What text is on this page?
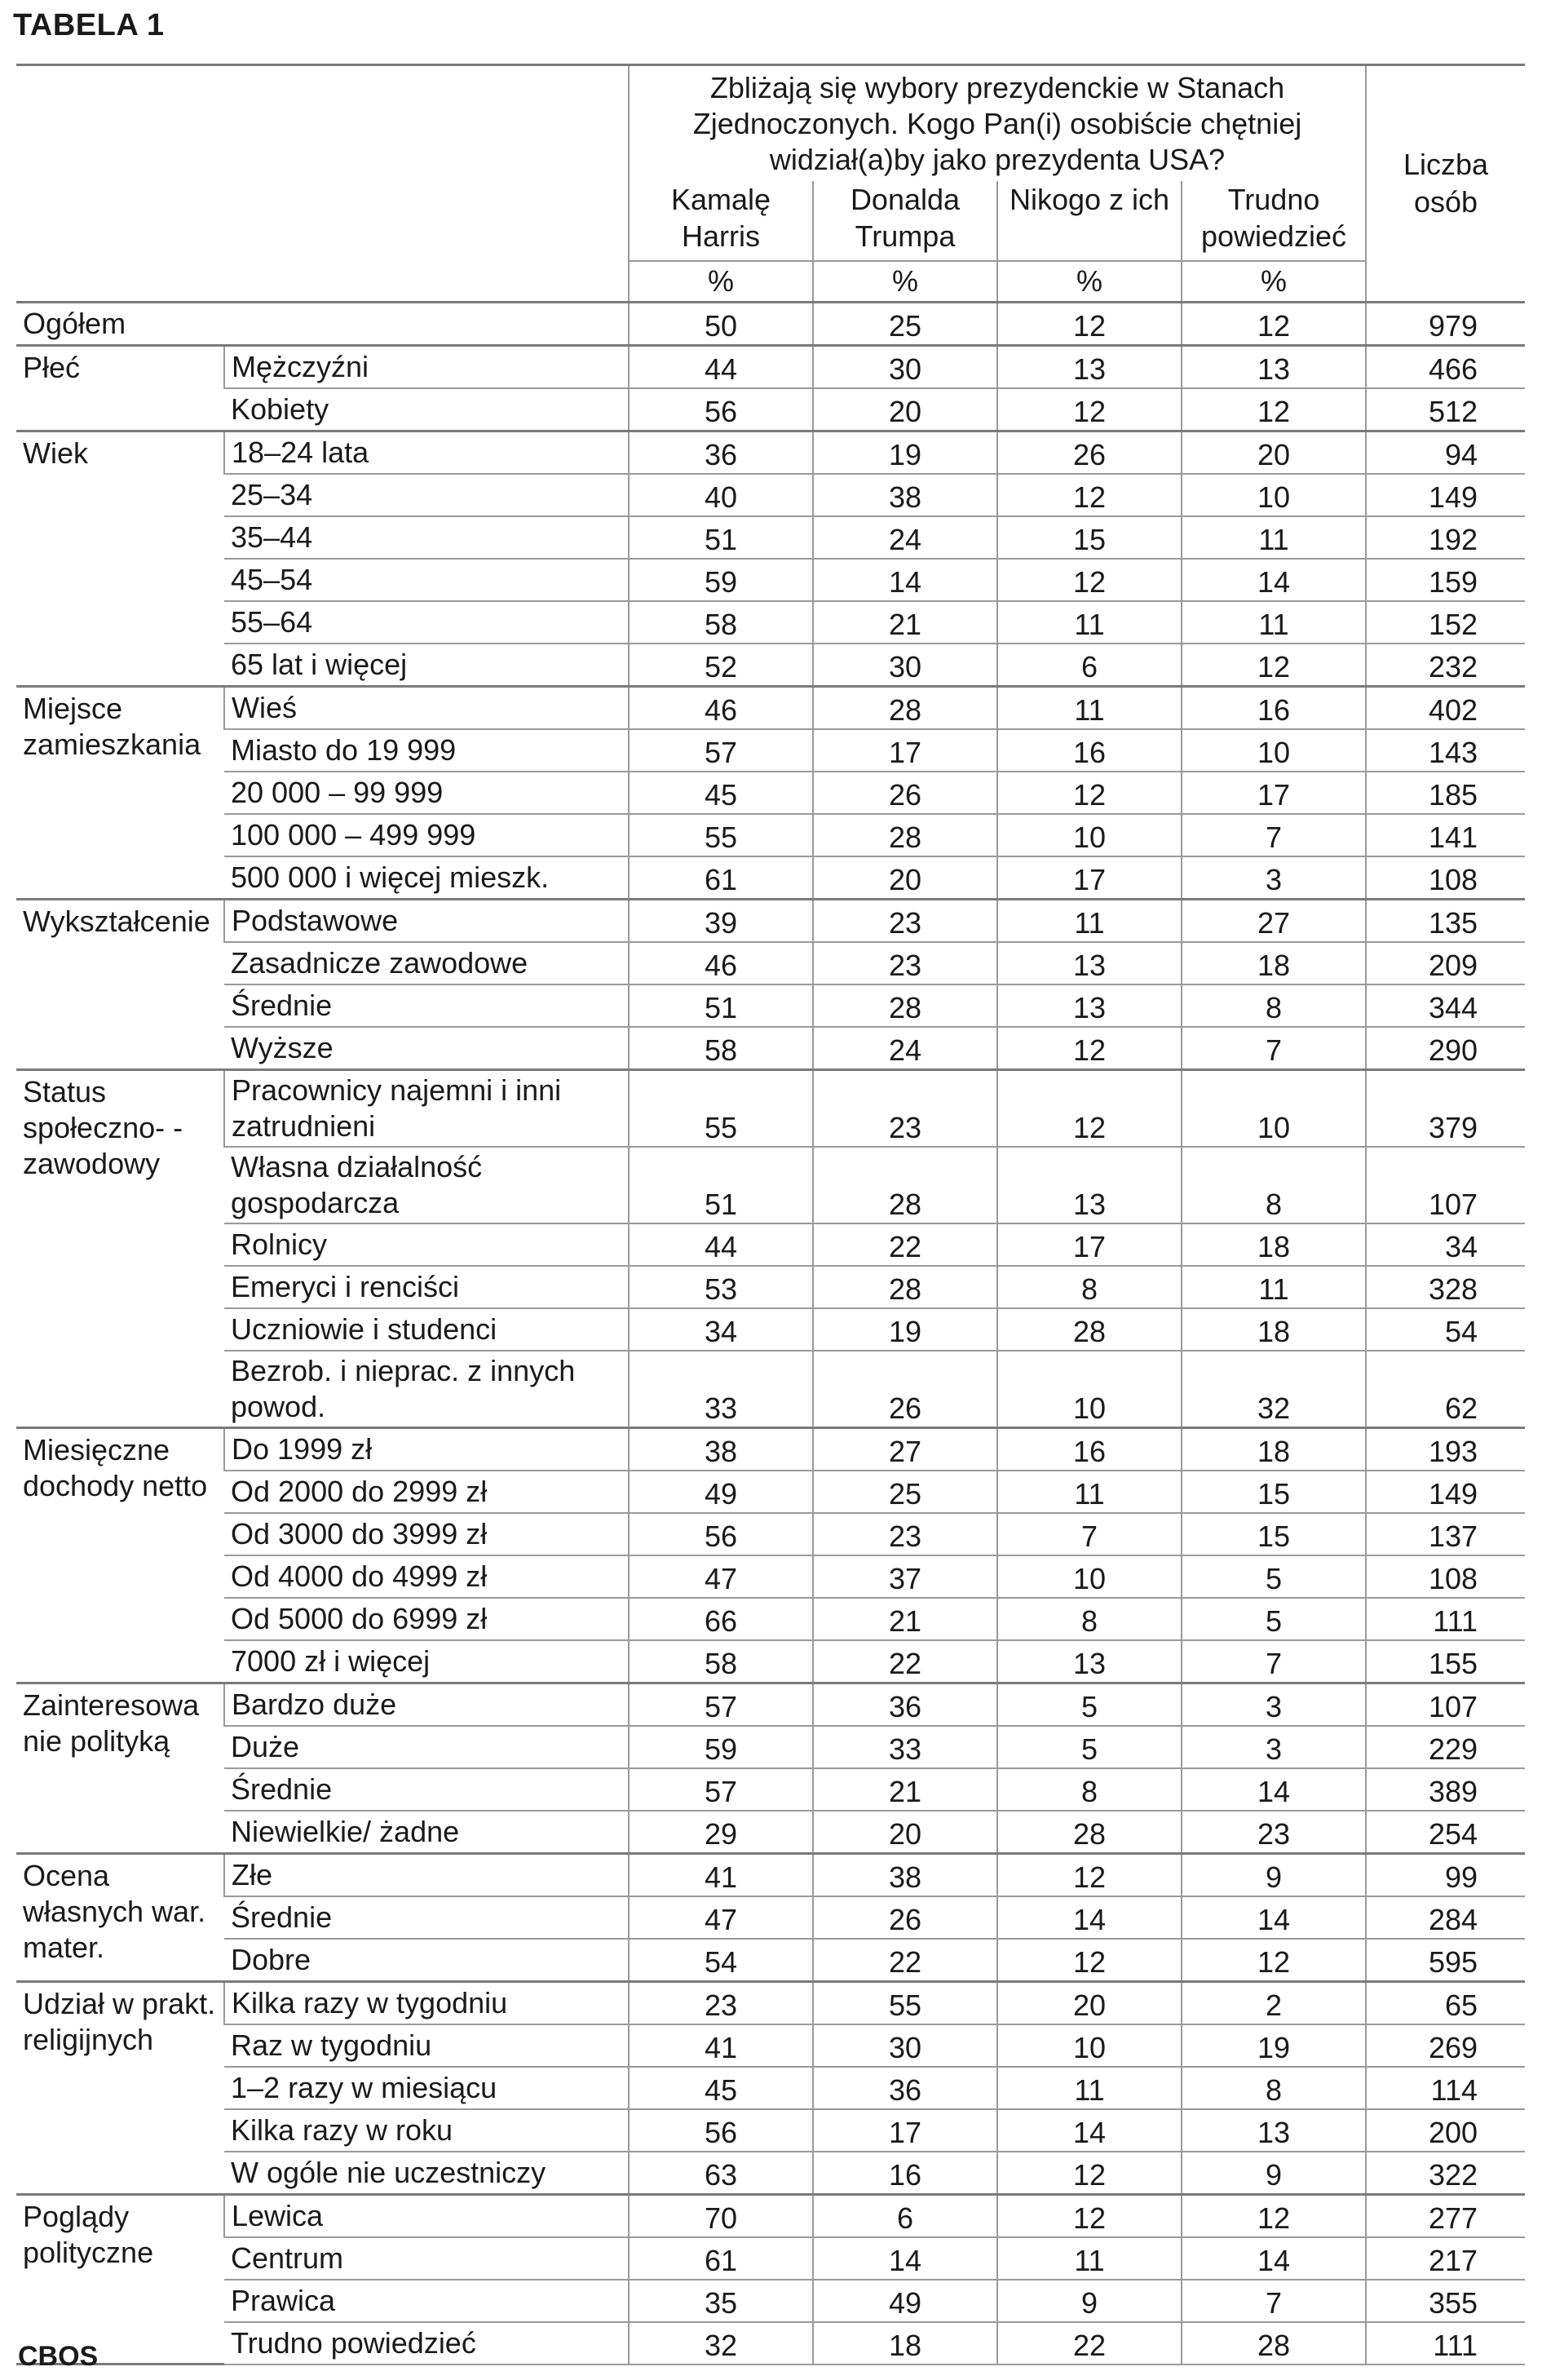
TABELA 1
		Zbliżają się wybory prezydenckie w Stanach Zjednoczonych. Kogo Pan(i) osobiście chętniej widział(a)by jako prezydenta USA?				Liczba osób
		Kamalę Harris	Donalda Trumpa	Nikogo z ich	Trudno powiedzieć	
		%	%	%	%	
Ogółem		50	25	12	12	979
Płeć	Mężczyźni	44	30	13	13	466
	Kobiety	56	20	12	12	512
Wiek	18–24 lata	36	19	26	20	94
	25–34	40	38	12	10	149
	35–44	51	24	15	11	192
	45–54	59	14	12	14	159
	55–64	58	21	11	11	152
	65 lat i więcej	52	30	6	12	232
Miejsce zamieszkania	Wieś	46	28	11	16	402
	Miasto do 19 999	57	17	16	10	143
	20 000 – 99 999	45	26	12	17	185
	100 000 – 499 999	55	28	10	7	141
	500 000 i więcej mieszk.	61	20	17	3	108
Wykształcenie	Podstawowe	39	23	11	27	135
	Zasadnicze zawodowe	46	23	13	18	209
	Średnie	51	28	13	8	344
	Wyższe	58	24	12	7	290
Status społeczno- -zawodowy	Pracownicy najemni i inni zatrudnieni	55	23	12	10	379
	Własna działalność gospodarcza	51	28	13	8	107
	Rolnicy	44	22	17	18	34
	Emeryci i renciści	53	28	8	11	328
	Uczniowie i studenci	34	19	28	18	54
	Bezrob. i nieprac. z innych powod.	33	26	10	32	62
Miesięczne dochody netto	Do 1999 zł	38	27	16	18	193
	Od 2000 do 2999 zł	49	25	11	15	149
	Od 3000 do 3999 zł	56	23	7	15	137
	Od 4000 do 4999 zł	47	37	10	5	108
	Od 5000 do 6999 zł	66	21	8	5	111
	7000 zł i więcej	58	22	13	7	155
Zainteresowa nie polityką	Bardzo duże	57	36	5	3	107
	Duże	59	33	5	3	229
	Średnie	57	21	8	14	389
	Niewielkie/ żadne	29	20	28	23	254
Ocena własnych war. mater.	Złe	41	38	12	9	99
	Średnie	47	26	14	14	284
	Dobre	54	22	12	12	595
Udział w prakt. religijnych	Kilka razy w tygodniu	23	55	20	2	65
	Raz w tygodniu	41	30	10	19	269
	1–2 razy w miesiącu	45	36	11	8	114
	Kilka razy w roku	56	17	14	13	200
	W ogóle nie uczestniczy	63	16	12	9	322
Poglądy polityczne	Lewica	70	6	12	12	277
	Centrum	61	14	11	14	217
	Prawica	35	49	9	7	355
	Trudno powiedzieć	32	18	22	28	111
CBOS
